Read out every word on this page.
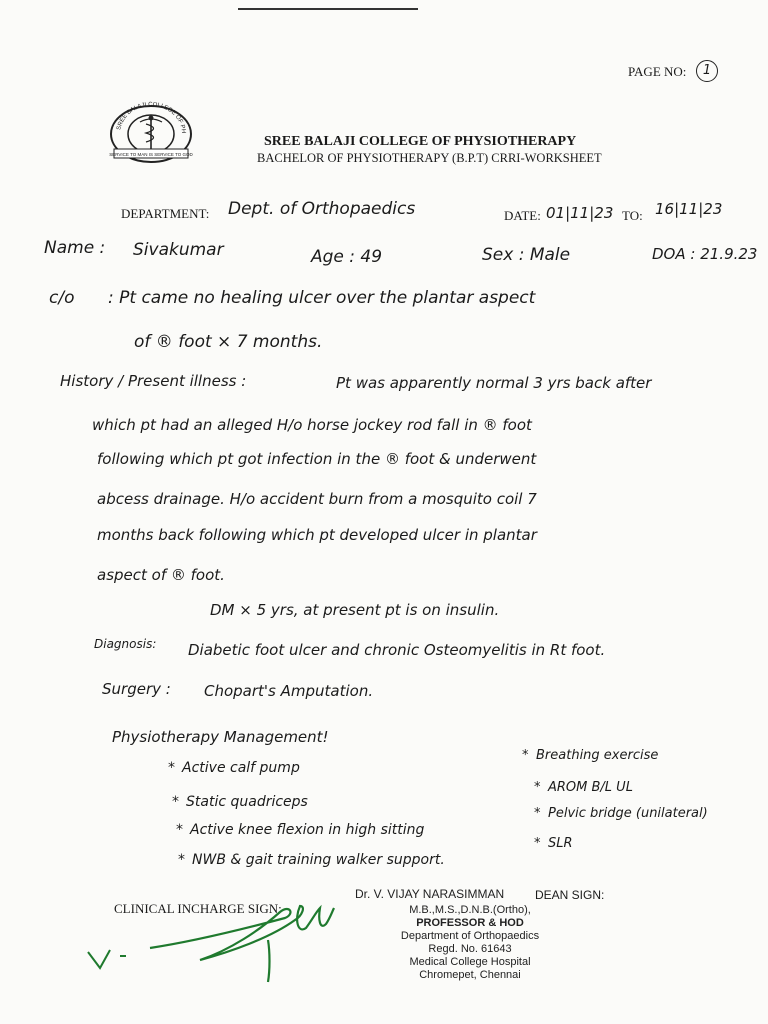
PAGE NO:	1
SREE BALAJI COLLEGE OF PH
SERVICE TO MAN IS SERVICE TO GOD
SREE BALAJI COLLEGE OF PHYSIOTHERAPY
BACHELOR OF PHYSIOTHERAPY (B.P.T) CRRI-WORKSHEET
DEPARTMENT: Dept. of Orthopaedics	DATE: 01|11|23 TO: 16|11|23
Name : Sivakumar	Age : 49	Sex : Male	DOA : 21.9.23
c/o : Pt came no healing ulcer over the plantar aspect
of ® foot × 7 months.
History / Present illness :	Pt was apparently normal 3 yrs back after
which pt had an alleged H/o horse jockey rod fall in ® foot
following which pt got infection in the ® foot & underwent
abcess drainage. H/o accident burn from a mosquito coil 7
months back following which pt developed ulcer in plantar
aspect of ® foot.
DM × 5 yrs, at present pt is on insulin.
Diagnosis: Diabetic foot ulcer and chronic Osteomyelitis in Rt foot.
Surgery : Chopart's Amputation.
Physiotherapy Management!
* Active calf pump
* Static quadriceps
* Active knee flexion in high sitting
* NWB & gait training walker support.
* Breathing exercise
* AROM B/L UL
* Pelvic bridge (unilateral)
* SLR
CLINICAL INCHARGE SIGN:
DEAN SIGN:
Dr. V. VIJAY NARASIMMAN
M.B.,M.S.,D.N.B.(Ortho),
PROFESSOR & HOD
Department of Orthopaedics
Regd. No. 61643
Medical College Hospital
Chromepet, Chennai
